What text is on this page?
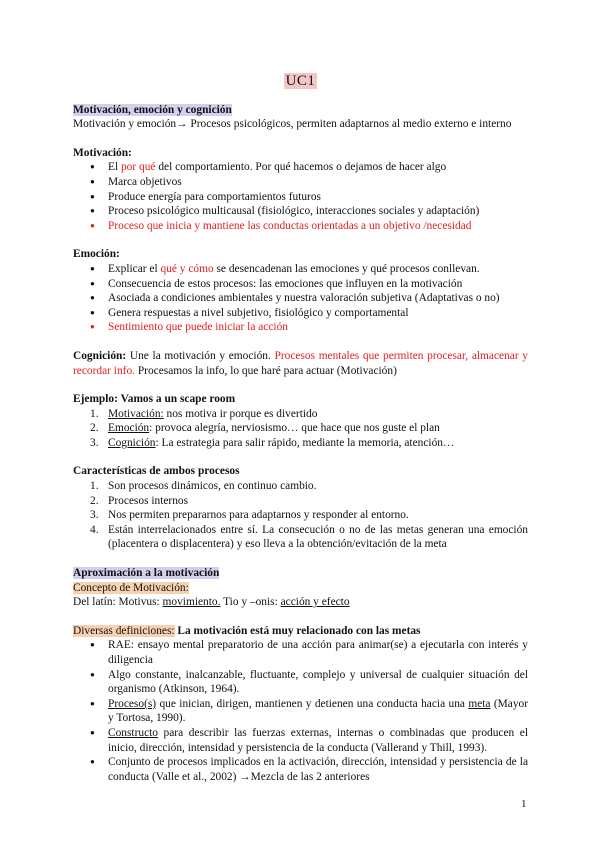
UC1

Motivación, emoción y cognición

Motivación y emoción→ Procesos psicológicos, permiten adaptarnos al medio externo e interno

Motivación:

● El por qué del comportamiento. Por qué hacemos o dejamos de hacer algo
● Marca objetivos
● Produce energía para comportamientos futuros
● Proceso psicológico multicausal (fisiológico, interacciones sociales y adaptación)
● Proceso que inicia y mantiene las conductas orientadas a un objetivo /necesidad

Emoción:

● Explicar el qué y cómo se desencadenan las emociones y qué procesos conllevan.
● Consecuencia de estos procesos: las emociones que influyen en la motivación
● Asociada a condiciones ambientales y nuestra valoración subjetiva (Adaptativas o no)
● Genera respuestas a nivel subjetivo, fisiológico y comportamental
● Sentimiento que puede iniciar la acción

Cognición: Une la motivación y emoción. Procesos mentales que permiten procesar, almacenar y recordar info. Procesamos la info, lo que haré para actuar (Motivación)

Ejemplo: Vamos a un scape room

1. Motivación: nos motiva ir porque es divertido
2. Emoción: provoca alegría, nerviosismo… que hace que nos guste el plan
3. Cognición: La estrategia para salir rápido, mediante la memoria, atención…

Características de ambos procesos

1. Son procesos dinámicos, en continuo cambio.
2. Procesos internos
3. Nos permiten prepararnos para adaptarnos y responder al entorno.
4. Están interrelacionados entre sí. La consecución o no de las metas generan una emoción (placentera o displacentera) y eso lleva a la obtención/evitación de la meta

Aproximación a la motivación

Concepto de Motivación:

Del latín: Motivus: movimiento. Tio y –onis: acción y efecto

Diversas definiciones: La motivación está muy relacionado con las metas

● RAE: ensayo mental preparatorio de una acción para animar(se) a ejecutarla con interés y diligencia
● Algo constante, inalcanzable, fluctuante, complejo y universal de cualquier situación del organismo (Atkinson, 1964).
● Proceso(s) que inician, dirigen, mantienen y detienen una conducta hacia una meta (Mayor y Tortosa, 1990).
● Constructo para describir las fuerzas externas, internas o combinadas que producen el inicio, dirección, intensidad y persistencia de la conducta (Vallerand y Thill, 1993).
● Conjunto de procesos implicados en la activación, dirección, intensidad y persistencia de la conducta (Valle et al., 2002) →Mezcla de las 2 anteriores
1
